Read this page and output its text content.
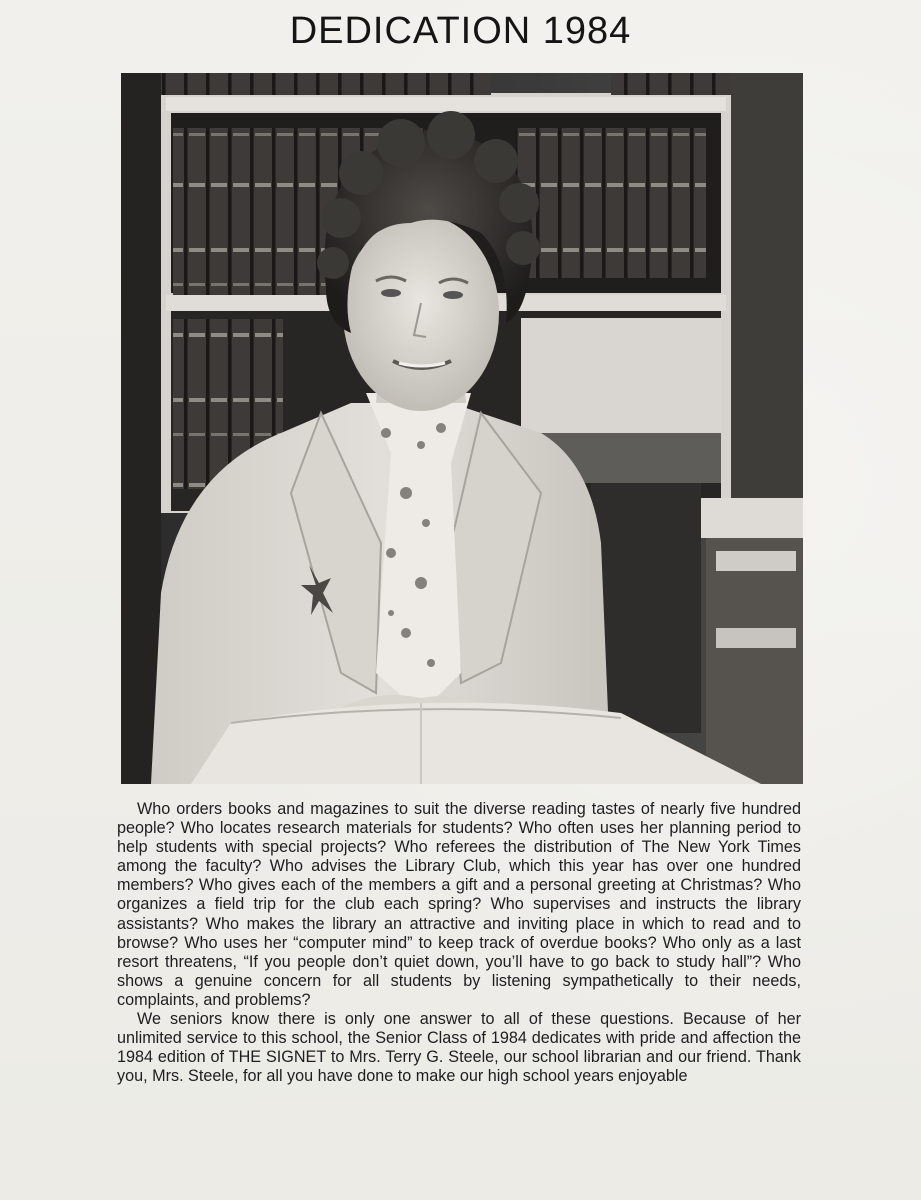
DEDICATION 1984

Who orders books and magazines to suit the diverse reading tastes of nearly five hundred people? Who locates research materials for students? Who often uses her planning period to help students with special projects? Who referees the distribution of The New York Times among the faculty? Who advises the Library Club, which this year has over one hundred members? Who gives each of the members a gift and a personal greeting at Christmas? Who organizes a field trip for the club each spring? Who supervises and instructs the library assistants? Who makes the library an attractive and inviting place in which to read and to browse? Who uses her “computer mind” to keep track of overdue books? Who only as a last resort threatens, “If you people don’t quiet down, you’ll have to go back to study hall”? Who shows a genuine concern for all students by listening sympathetically to their needs, complaints, and problems?

We seniors know there is only one answer to all of these questions. Because of her unlimited service to this school, the Senior Class of 1984 dedicates with pride and affection the 1984 edition of THE SIGNET to Mrs. Terry G. Steele, our school librarian and our friend. Thank you, Mrs. Steele, for all you have done to make our high school years enjoyable
